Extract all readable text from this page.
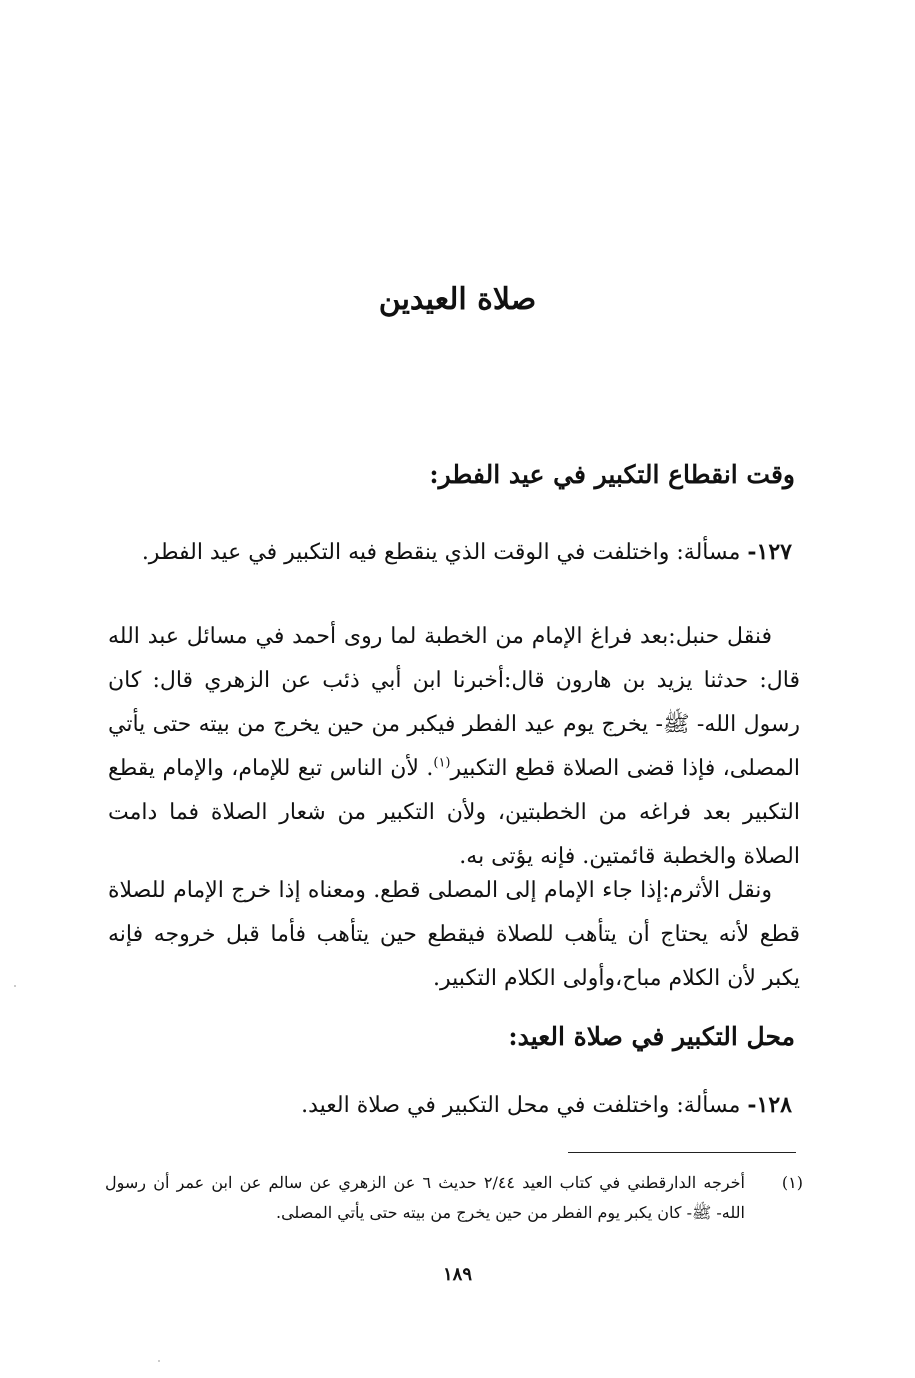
صلاة العيدين
وقت انقطاع التكبير في عيد الفطر:
١٢٧- مسألة: واختلفت في الوقت الذي ينقطع فيه التكبير في عيد الفطر.
فنقل حنبل:بعد فراغ الإمام من الخطبة لما روى أحمد في مسائل عبد الله قال: حدثنا يزيد بن هارون قال:أخبرنا ابن أبي ذئب عن الزهري قال: كان رسول الله- ﷺ- يخرج يوم عيد الفطر فيكبر من حين يخرج من بيته حتى يأتي المصلى، فإذا قضى الصلاة قطع التكبير$^{(١)}$. لأن الناس تبع للإمام، والإمام يقطع التكبير بعد فراغه من الخطبتين، ولأن التكبير من شعار الصلاة فما دامت الصلاة والخطبة قائمتين. فإنه يؤتى به.
ونقل الأثرم:إذا جاء الإمام إلى المصلى قطع. ومعناه إذا خرج الإمام للصلاة قطع لأنه يحتاج أن يتأهب للصلاة فيقطع حين يتأهب فأما قبل خروجه فإنه يكبر لأن الكلام مباح،وأولى الكلام التكبير.
محل التكبير في صلاة العيد:
١٢٨- مسألة: واختلفت في محل التكبير في صلاة العيد.
(١)
أخرجه الدارقطني في كتاب العيد ٢/٤٤ حديث ٦ عن الزهري عن سالم عن ابن عمر أن رسول الله- ﷺ- كان يكبر يوم الفطر من حين يخرج من بيته حتى يأتي المصلى.
١٨٩
